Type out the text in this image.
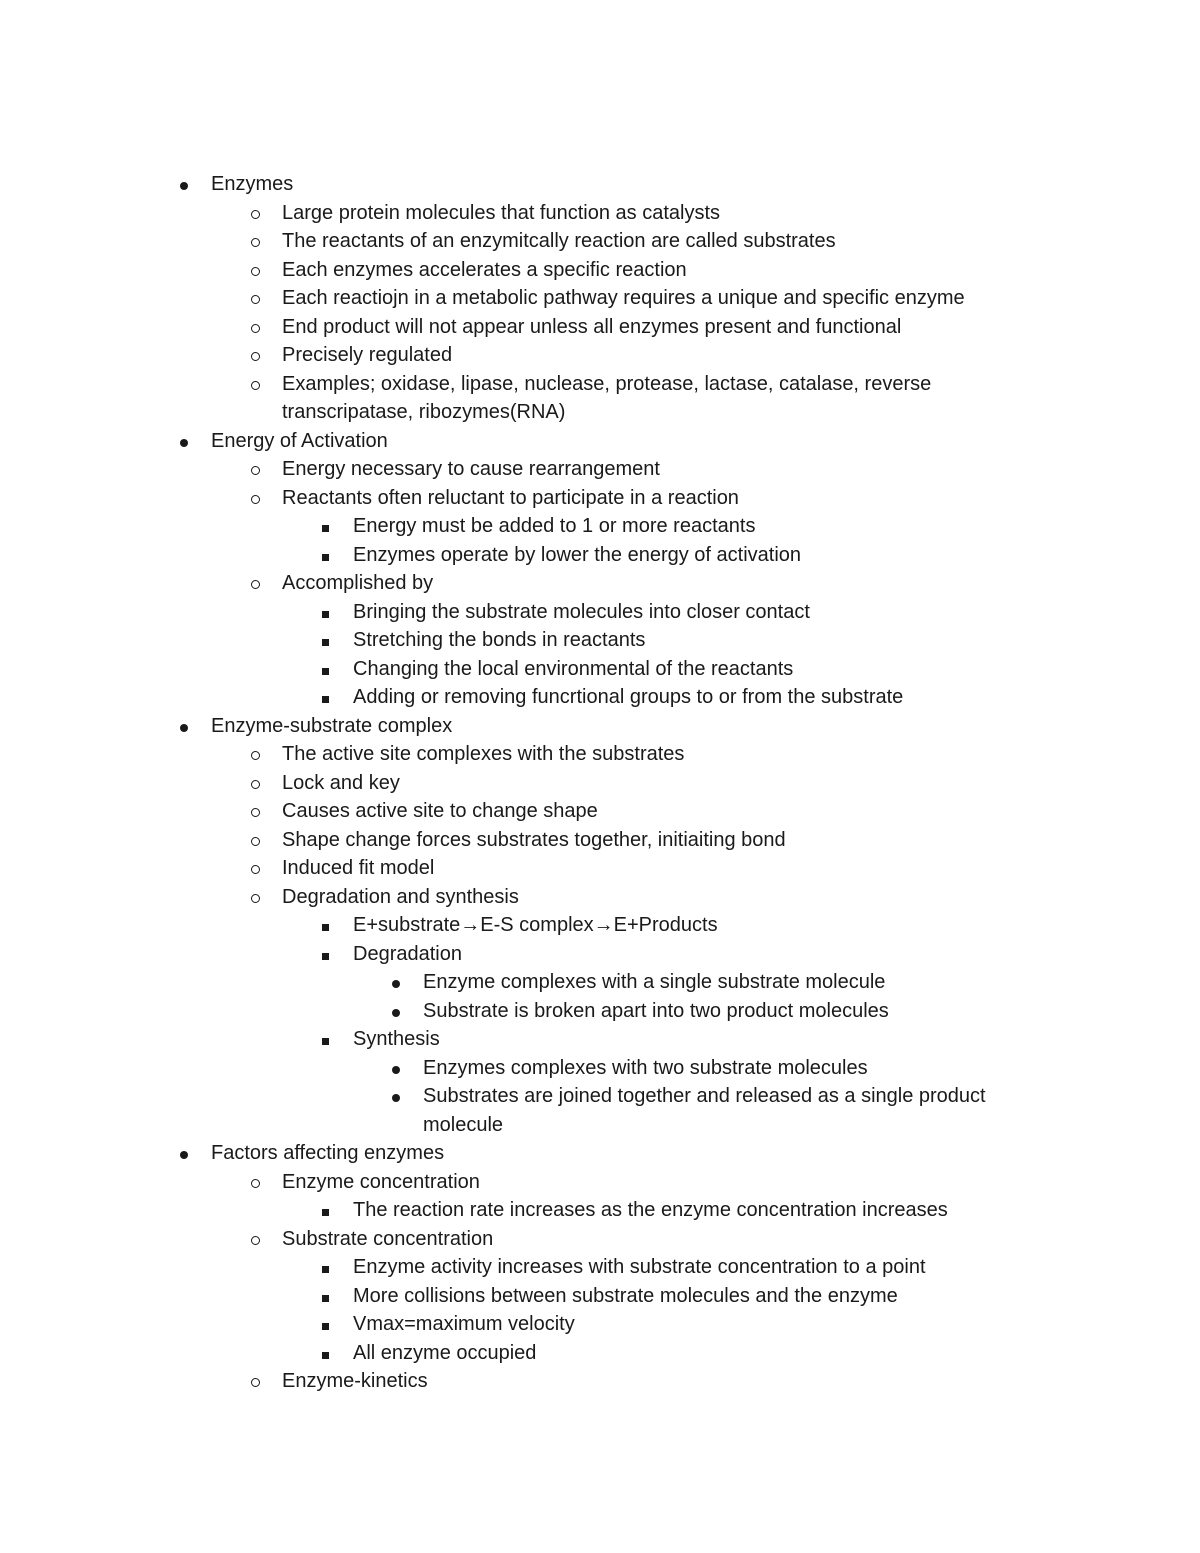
Enzymes
Large protein molecules that function as catalysts
The reactants of an enzymitcally reaction are called substrates
Each enzymes accelerates a specific reaction
Each reactiojn in a metabolic pathway requires a unique and specific enzyme
End product will not appear unless all enzymes present and functional
Precisely regulated
Examples; oxidase, lipase, nuclease, protease, lactase, catalase, reverse
transcripatase, ribozymes(RNA)
Energy of Activation
Energy necessary to cause rearrangement
Reactants often reluctant to participate in a reaction
Energy must be added to 1 or more reactants
Enzymes operate by lower the energy of activation
Accomplished by
Bringing the substrate molecules into closer contact
Stretching the bonds in reactants
Changing the local environmental of the reactants
Adding or removing funcrtional groups to or from the substrate
Enzyme-substrate complex
The active site complexes with the substrates
Lock and key
Causes active site to change shape
Shape change forces substrates together, initiaiting bond
Induced fit model
Degradation and synthesis
E+substrate→E-S complex→E+Products
Degradation
Enzyme complexes with a single substrate molecule
Substrate is broken apart into two product molecules
Synthesis
Enzymes complexes with two substrate molecules
Substrates are joined together and released as a single product
molecule
Factors affecting enzymes
Enzyme concentration
The reaction rate increases as the enzyme concentration increases
Substrate concentration
Enzyme activity increases with substrate concentration to a point
More collisions between substrate molecules and the enzyme
Vmax=maximum velocity
All enzyme occupied
Enzyme-kinetics
